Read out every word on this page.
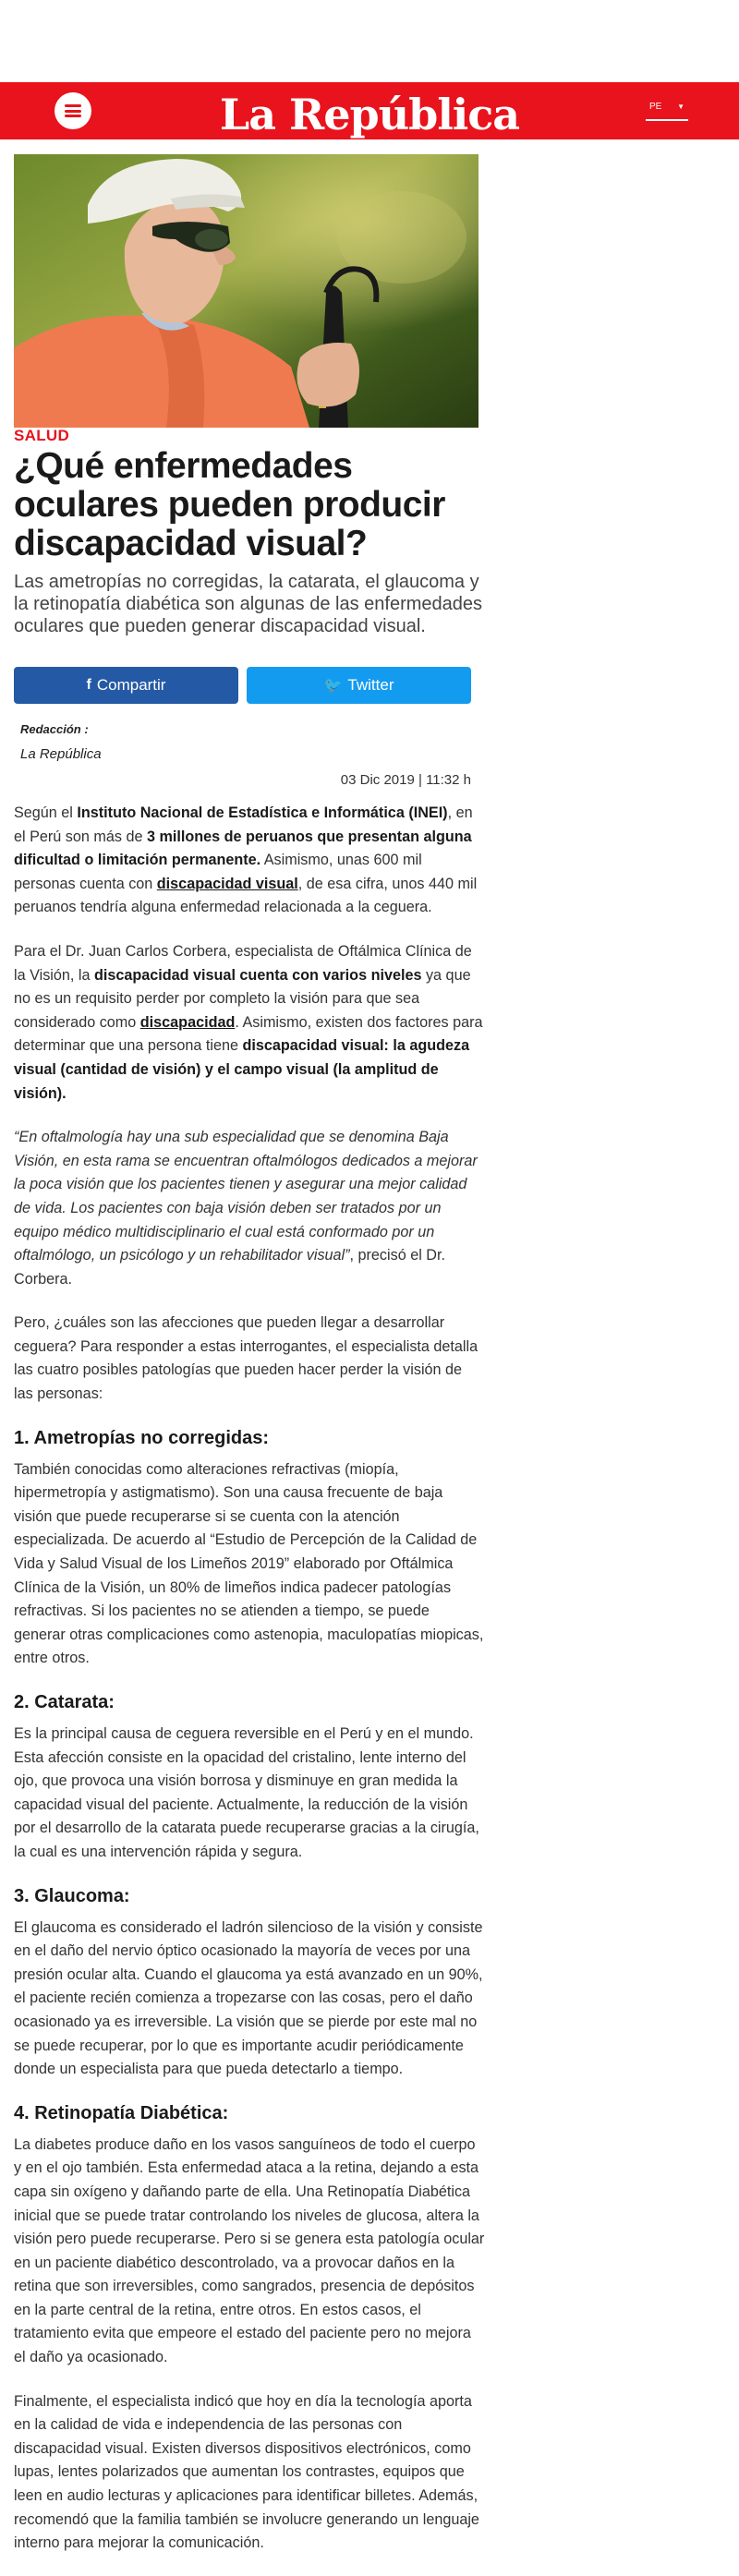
La República	PE ▼
SALUD
¿Qué enfermedades oculares pueden producir discapacidad visual?

Las ametropías no corregidas, la catarata, el glaucoma y la retinopatía diabética son algunas de las enfermedades oculares que pueden generar discapacidad visual.

f Compartir	🐦 Twitter
Redacción :
La República
03 Dic 2019 | 11:32 h

Según el Instituto Nacional de Estadística e Informática (INEI), en el Perú son más de 3 millones de peruanos que presentan alguna dificultad o limitación permanente. Asimismo, unas 600 mil personas cuenta con discapacidad visual, de esa cifra, unos 440 mil peruanos tendría alguna enfermedad relacionada a la ceguera.

Para el Dr. Juan Carlos Corbera, especialista de Oftálmica Clínica de la Visión, la discapacidad visual cuenta con varios niveles ya que no es un requisito perder por completo la visión para que sea considerado como discapacidad. Asimismo, existen dos factores para determinar que una persona tiene discapacidad visual: la agudeza visual (cantidad de visión) y el campo visual (la amplitud de visión).

“En oftalmología hay una sub especialidad que se denomina Baja Visión, en esta rama se encuentran oftalmólogos dedicados a mejorar la poca visión que los pacientes tienen y asegurar una mejor calidad de vida. Los pacientes con baja visión deben ser tratados por un equipo médico multidisciplinario el cual está conformado por un oftalmólogo, un psicólogo y un rehabilitador visual”, precisó el Dr. Corbera.

Pero, ¿cuáles son las afecciones que pueden llegar a desarrollar ceguera? Para responder a estas interrogantes, el especialista detalla las cuatro posibles patologías que pueden hacer perder la visión de las personas:

1. Ametropías no corregidas:

También conocidas como alteraciones refractivas (miopía, hipermetropía y astigmatismo). Son una causa frecuente de baja visión que puede recuperarse si se cuenta con la atención especializada. De acuerdo al “Estudio de Percepción de la Calidad de Vida y Salud Visual de los Limeños 2019” elaborado por Oftálmica Clínica de la Visión, un 80% de limeños indica padecer patologías refractivas. Si los pacientes no se atienden a tiempo, se puede generar otras complicaciones como astenopia, maculopatías miopicas, entre otros.

2. Catarata:

Es la principal causa de ceguera reversible en el Perú y en el mundo. Esta afección consiste en la opacidad del cristalino, lente interno del ojo, que provoca una visión borrosa y disminuye en gran medida la capacidad visual del paciente. Actualmente, la reducción de la visión por el desarrollo de la catarata puede recuperarse gracias a la cirugía, la cual es una intervención rápida y segura.

3. Glaucoma:

El glaucoma es considerado el ladrón silencioso de la visión y consiste en el daño del nervio óptico ocasionado la mayoría de veces por una presión ocular alta. Cuando el glaucoma ya está avanzado en un 90%, el paciente recién comienza a tropezarse con las cosas, pero el daño ocasionado ya es irreversible. La visión que se pierde por este mal no se puede recuperar, por lo que es importante acudir periódicamente donde un especialista para que pueda detectarlo a tiempo.

4. Retinopatía Diabética:

La diabetes produce daño en los vasos sanguíneos de todo el cuerpo y en el ojo también. Esta enfermedad ataca a la retina, dejando a esta capa sin oxígeno y dañando parte de ella. Una Retinopatía Diabética inicial que se puede tratar controlando los niveles de glucosa, altera la visión pero puede recuperarse. Pero si se genera esta patología ocular en un paciente diabético descontrolado, va a provocar daños en la retina que son irreversibles, como sangrados, presencia de depósitos en la parte central de la retina, entre otros. En estos casos, el tratamiento evita que empeore el estado del paciente pero no mejora el daño ya ocasionado.

Finalmente, el especialista indicó que hoy en día la tecnología aporta en la calidad de vida e independencia de las personas con discapacidad visual. Existen diversos dispositivos electrónicos, como lupas, lentes polarizados que aumentan los contrastes, equipos que leen en audio lecturas y aplicaciones para identificar billetes. Además, recomendó que la familia también se involucre generando un lenguaje interno para mejorar la comunicación.
